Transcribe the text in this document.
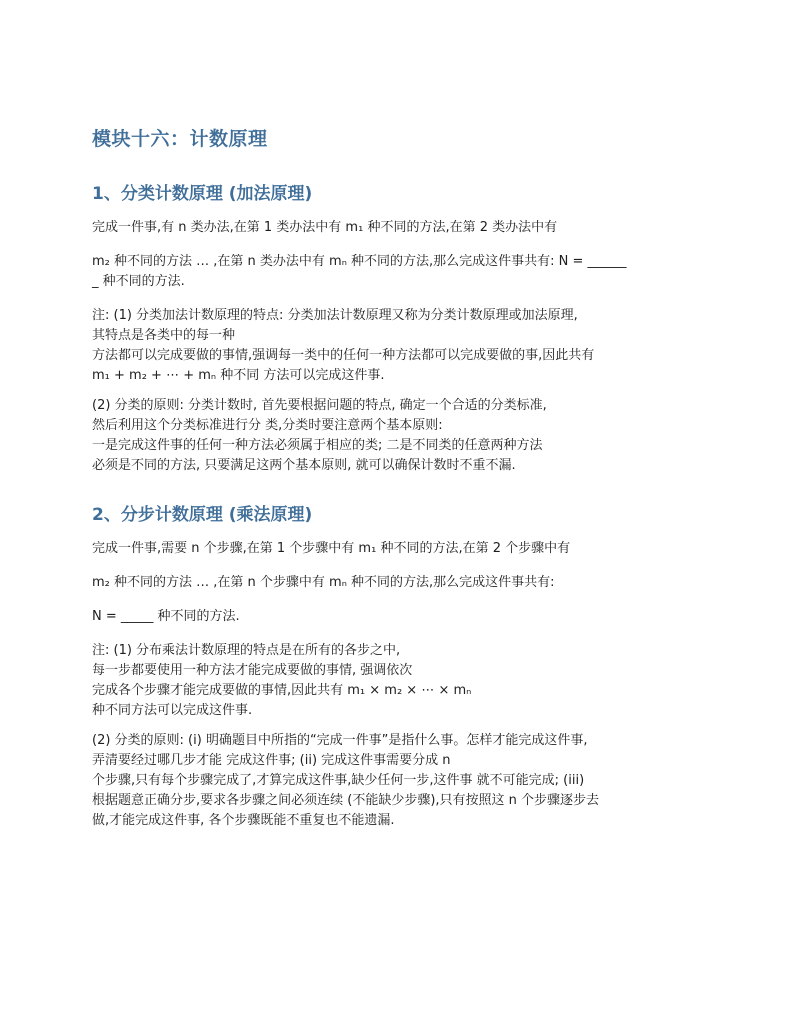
模块十六：计数原理
1、分类计数原理 (加法原理)
完成一件事,有 n 类办法,在第 1 类办法中有 m₁ 种不同的方法,在第 2 类办法中有
m₂ 种不同的方法 … ,在第 n 类办法中有 mₙ 种不同的方法,那么完成这件事共有: N = ______
_ 种不同的方法.
注: (1) 分类加法计数原理的特点: 分类加法计数原理又称为分类计数原理或加法原理,
其特点是各类中的每一种
方法都可以完成要做的事情,强调每一类中的任何一种方法都可以完成要做的事,因此共有
m₁ + m₂ + ⋯ + mₙ 种不同 方法可以完成这件事.
(2) 分类的原则: 分类计数时, 首先要根据问题的特点, 确定一个合适的分类标准,
然后利用这个分类标准进行分 类,分类时要注意两个基本原则:
一是完成这件事的任何一种方法必须属于相应的类; 二是不同类的任意两种方法
必须是不同的方法, 只要满足这两个基本原则, 就可以确保计数时不重不漏.
2、分步计数原理 (乘法原理)
完成一件事,需要 n 个步骤,在第 1 个步骤中有 m₁ 种不同的方法,在第 2 个步骤中有
m₂ 种不同的方法 … ,在第 n 个步骤中有 mₙ 种不同的方法,那么完成这件事共有:
N = _____ 种不同的方法.
注: (1) 分布乘法计数原理的特点是在所有的各步之中,
每一步都要使用一种方法才能完成要做的事情, 强调依次
完成各个步骤才能完成要做的事情,因此共有 m₁ × m₂ × ⋯ × mₙ
种不同方法可以完成这件事.
(2) 分类的原则: (i) 明确题目中所指的“完成一件事”是指什么事。怎样才能完成这件事,
弄清要经过哪几步才能 完成这件事; (ii) 完成这件事需要分成 n
个步骤,只有每个步骤完成了,才算完成这件事,缺少任何一步,这件事 就不可能完成; (iii)
根据题意正确分步,要求各步骤之间必须连续 (不能缺少步骤),只有按照这 n 个步骤逐步去
做,才能完成这件事, 各个步骤既能不重复也不能遗漏.
